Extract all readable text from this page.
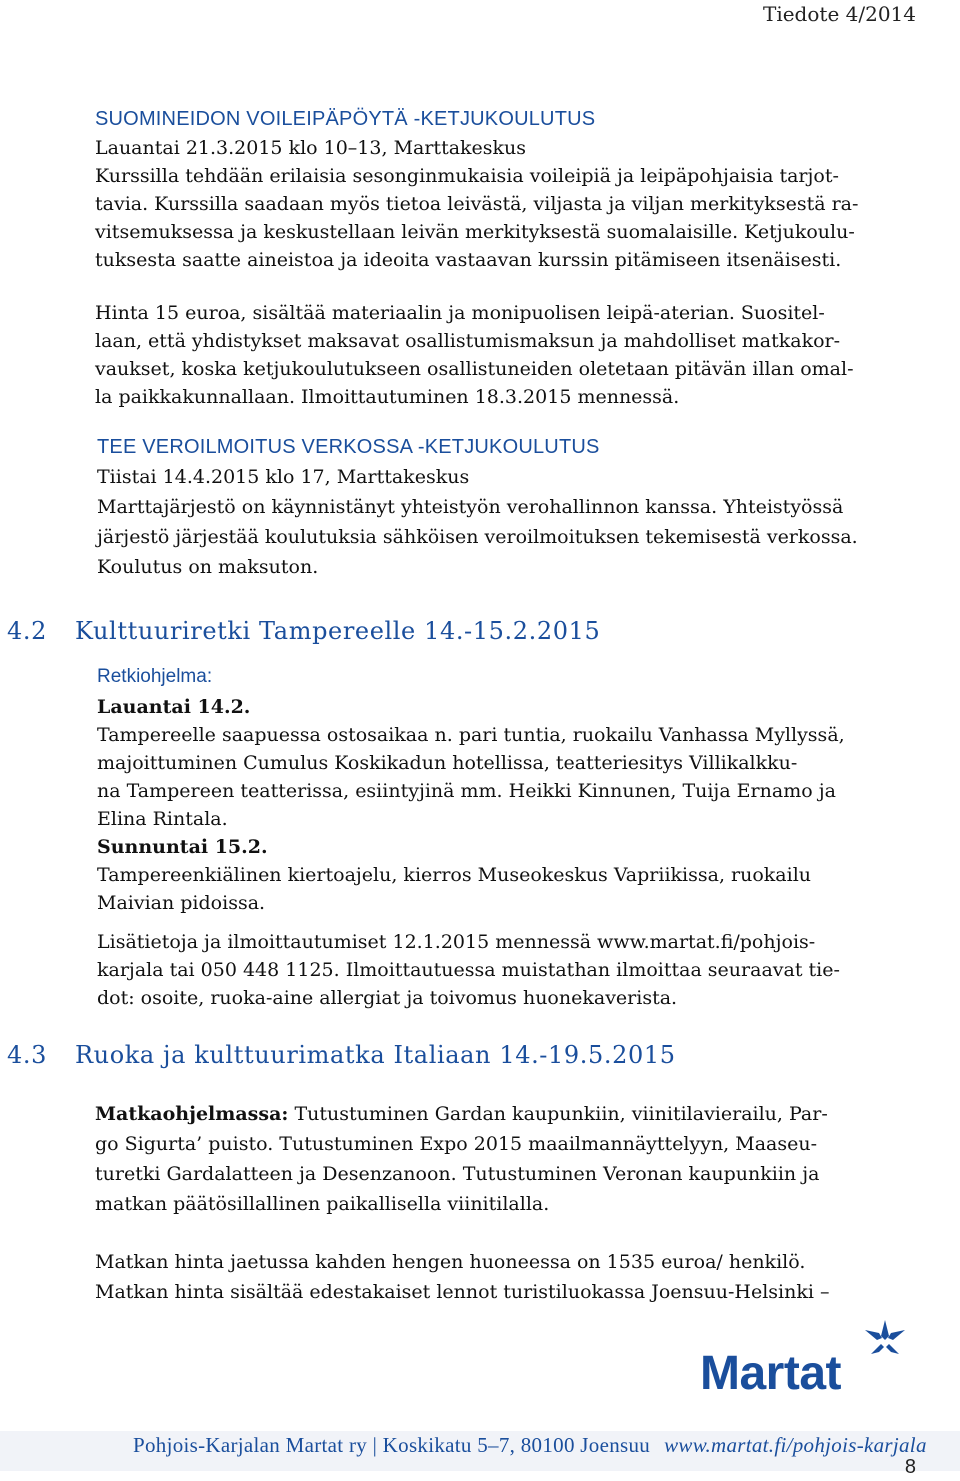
Tiedote 4/2014
SUOMINEIDON VOILEIPÄPÖYTÄ -KETJUKOULUTUS
Lauantai 21.3.2015 klo 10–13, Marttakeskus
Kurssilla tehdään erilaisia sesonginmukaisia voileipiä ja leipäpohjaisia tarjot-
tavia. Kurssilla saadaan myös tietoa leivästä, viljasta ja viljan merkityksestä ra-
vitsemuksessa ja keskustellaan leivän merkityksestä suomalaisille. Ketjukoulu-
tuksesta saatte aineistoa ja ideoita vastaavan kurssin pitämiseen itsenäisesti.
Hinta 15 euroa, sisältää materiaalin ja monipuolisen leipä-aterian. Suositel-
laan, että yhdistykset maksavat osallistumismaksun ja mahdolliset matkakor-
vaukset, koska ketjukoulutukseen osallistuneiden oletetaan pitävän illan omal-
la paikkakunnallaan. Ilmoittautuminen 18.3.2015 mennessä.
TEE VEROILMOITUS VERKOSSA -KETJUKOULUTUS
Tiistai 14.4.2015 klo 17, Marttakeskus
Marttajärjestö on käynnistänyt yhteistyön verohallinnon kanssa. Yhteistyössä
järjestö järjestää koulutuksia sähköisen veroilmoituksen tekemisestä verkossa.
Koulutus on maksuton.
4.2 Kulttuuriretki Tampereelle 14.-15.2.2015
Retkiohjelma:
Lauantai 14.2.
Tampereelle saapuessa ostosaikaa n. pari tuntia, ruokailu Vanhassa Myllyssä,
majoittuminen Cumulus Koskikadun hotellissa, teatteriesitys Villikalkku-
na Tampereen teatterissa, esiintyjinä mm. Heikki Kinnunen, Tuija Ernamo ja
Elina Rintala.
Sunnuntai 15.2.
Tampereenkiälinen kiertoajelu, kierros Museokeskus Vapriikissa, ruokailu
Maivian pidoissa.
Lisätietoja ja ilmoittautumiset 12.1.2015 mennessä www.martat.fi/pohjois-
karjala tai 050 448 1125. Ilmoittautuessa muistathan ilmoittaa seuraavat tie-
dot: osoite, ruoka-aine allergiat ja toivomus huonekaverista.
4.3 Ruoka ja kulttuurimatka Italiaan 14.-19.5.2015
Matkaohjelmassa: Tutustuminen Gardan kaupunkiin, viinitilavierailu, Par-
go Sigurta’ puisto. Tutustuminen Expo 2015 maailmannäyttelyyn, Maaseu-
turetki Gardalatteen ja Desenzanoon. Tutustuminen Veronan kaupunkiin ja
matkan päätösillallinen paikallisella viinitilalla.
Matkan hinta jaetussa kahden hengen huoneessa on 1535 euroa/ henkilö.
Matkan hinta sisältää edestakaiset lennot turistiluokassa Joensuu-Helsinki –
Martat
Pohjois-Karjalan Martat ry | Koskikatu 5–7, 80100 Joensuu www.martat.fi/pohjois-karjala
8
